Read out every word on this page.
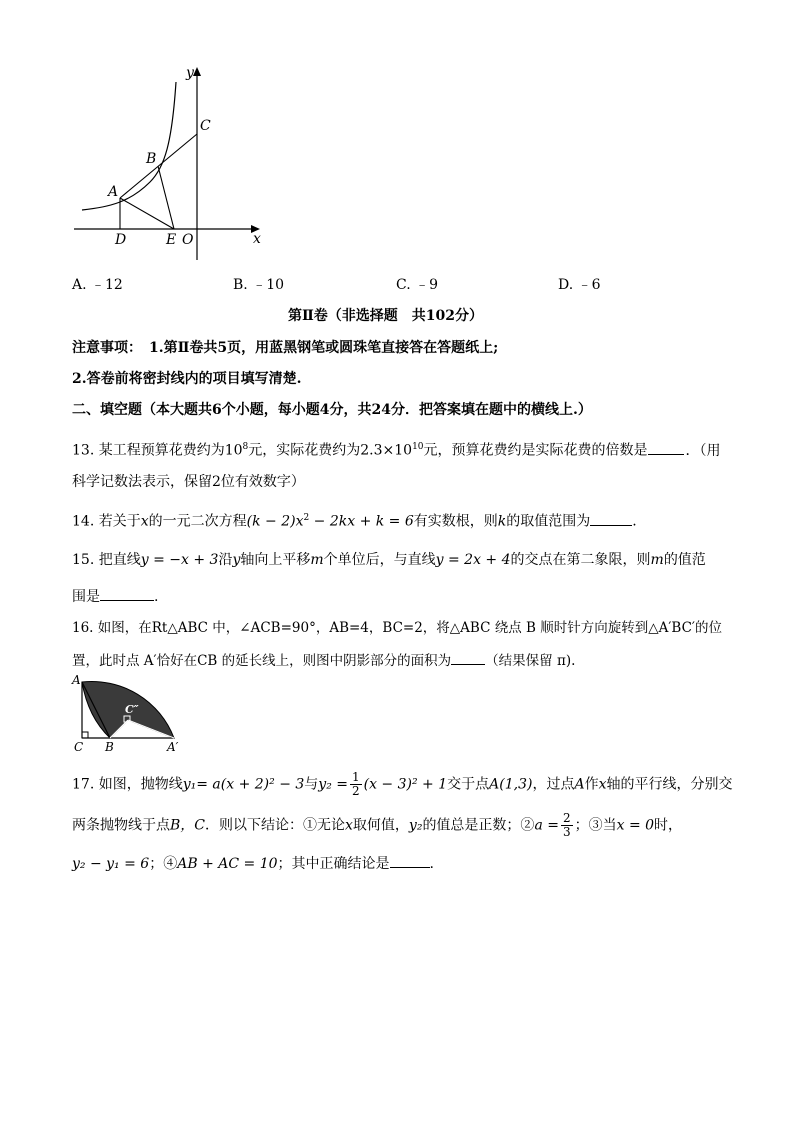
y
x
C
B
A
D	E O
A. ﹣12	B. ﹣10	C. ﹣9	D. ﹣6
第Ⅱ卷（非选择题　共102分）
注意事项：　1.第Ⅱ卷共5页，用蓝黑钢笔或圆珠笔直接答在答题纸上;
2.答卷前将密封线内的项目填写清楚.
二、填空题（本大题共6个小题，每小题4分，共24分．把答案填在题中的横线上.）
13. 某工程预算花费约为$10^8$元，实际花费约为$2.3\times 10^{10}$元，预算花费约是实际花费的倍数是	．（用
科学记数法表示，保留2位有效数字）
14. 若关于x的一元二次方程$(k - 2)x^2 - 2kx + k = 6$有实数根，则k的取值范围为	.
15. 把直线y = −x + 3沿y轴向上平移m个单位后，与直线y = 2x + 4的交点在第二象限，则m的值范
围是	.
16. 如图，在Rt△ABC 中，∠ACB=90°，AB=4，BC=2，将△ABC 绕点 B 顺时针方向旋转到△A′BC′的位
置，此时点 A′恰好在CB 的延长线上，则图中阴影部分的面积为	（结果保留 π).
A
C″
C B	A′
17. 如图，抛物线y₁= a(x + 2)² − 3与$y_2 = \frac{1}{2} (x - 3)^2 + 1$交于点A(1,3)，过点A作x轴的平行线，分别交
两条抛物线于点B，C．则以下结论：①无论x取何值，y₂的值总是正数；②a = $\frac{2}{3}$ ；③当x = 0时，
y₂ − y₁ = 6；④AB + AC = 10；其中正确结论是	.
